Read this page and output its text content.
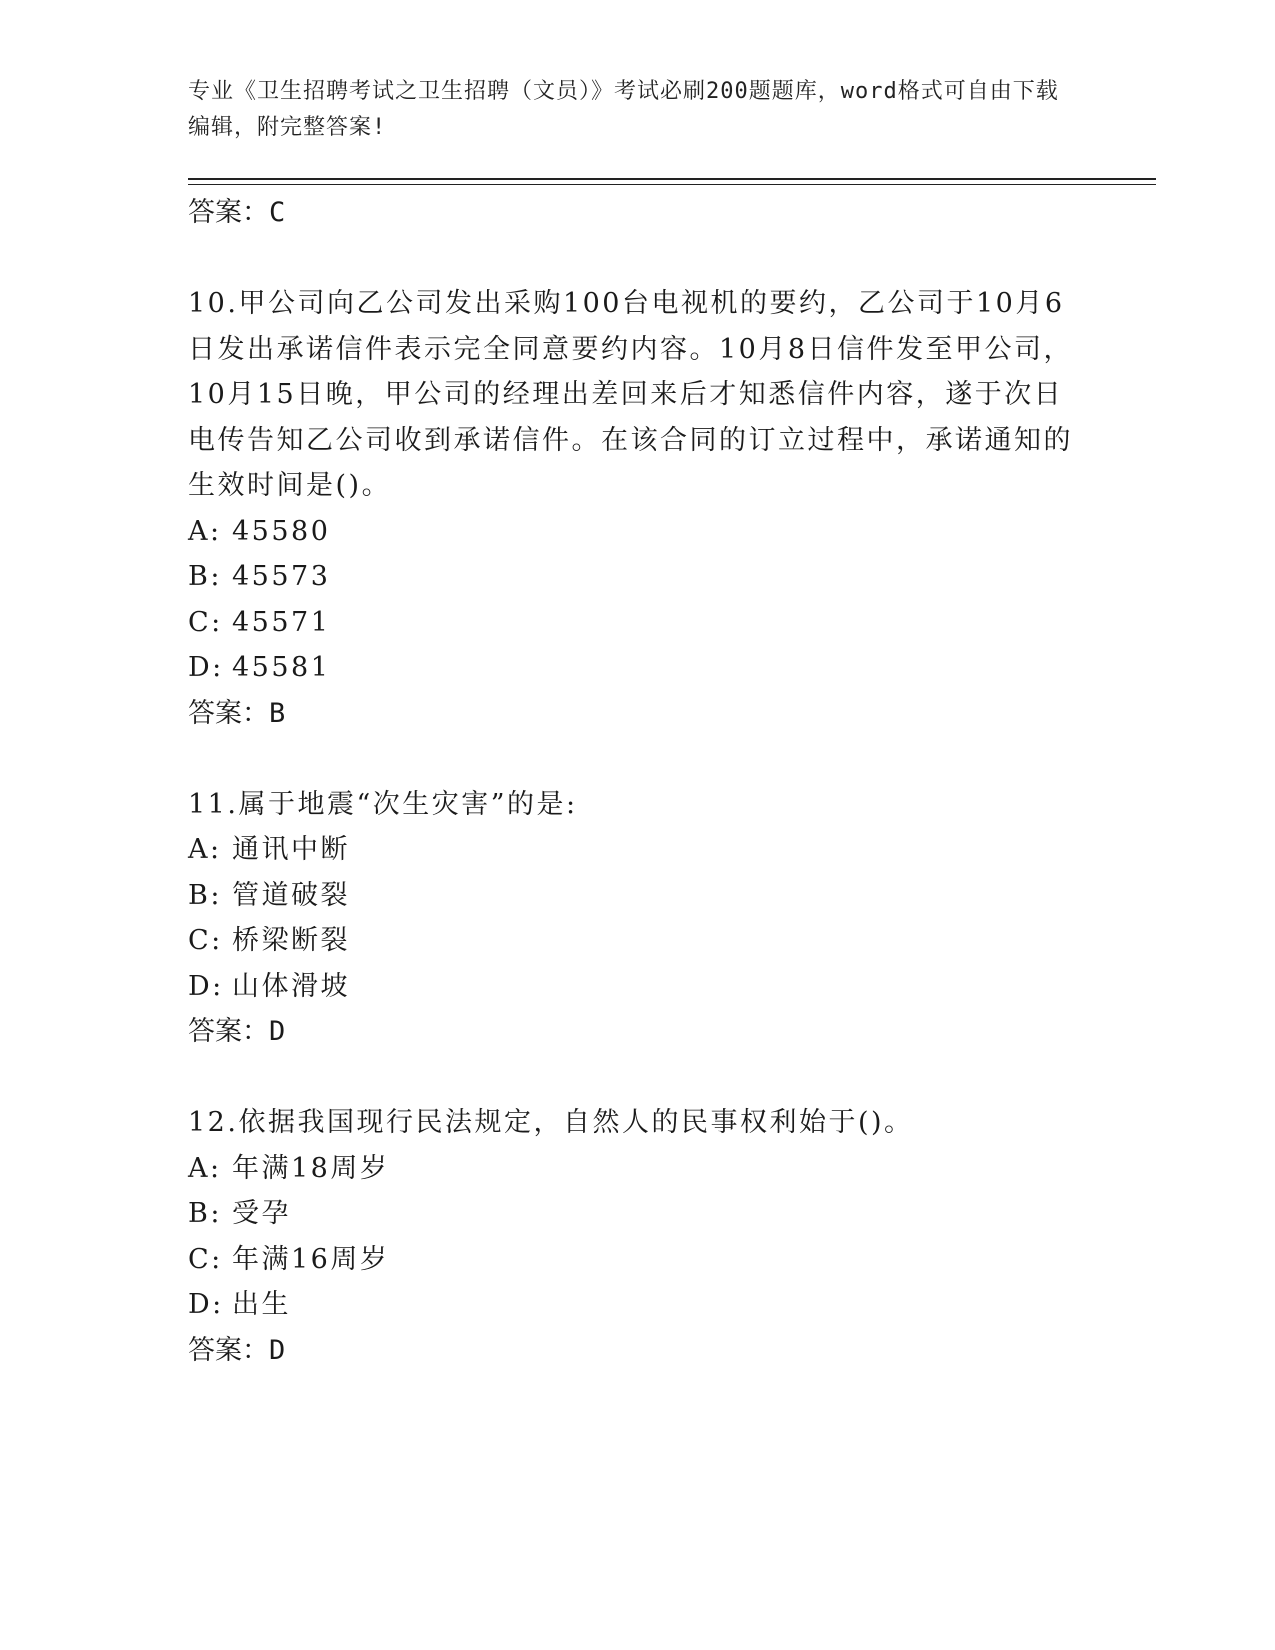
专业《卫生招聘考试之卫生招聘（文员）》考试必刷200题题库，word格式可自由下载编辑，附完整答案!

答案：C

10.甲公司向乙公司发出采购100台电视机的要约，乙公司于10月6日发出承诺信件表示完全同意要约内容。10月8日信件发至甲公司，10月15日晚，甲公司的经理出差回来后才知悉信件内容，遂于次日电传告知乙公司收到承诺信件。在该合同的订立过程中，承诺通知的生效时间是()。

A: 45580

B: 45573

C: 45571

D: 45581

答案：B

11.属于地震“次生灾害”的是:

A: 通讯中断

B: 管道破裂

C: 桥梁断裂

D: 山体滑坡

答案：D

12.依据我国现行民法规定，自然人的民事权利始于()。

A: 年满18周岁

B: 受孕

C: 年满16周岁

D: 出生

答案：D
